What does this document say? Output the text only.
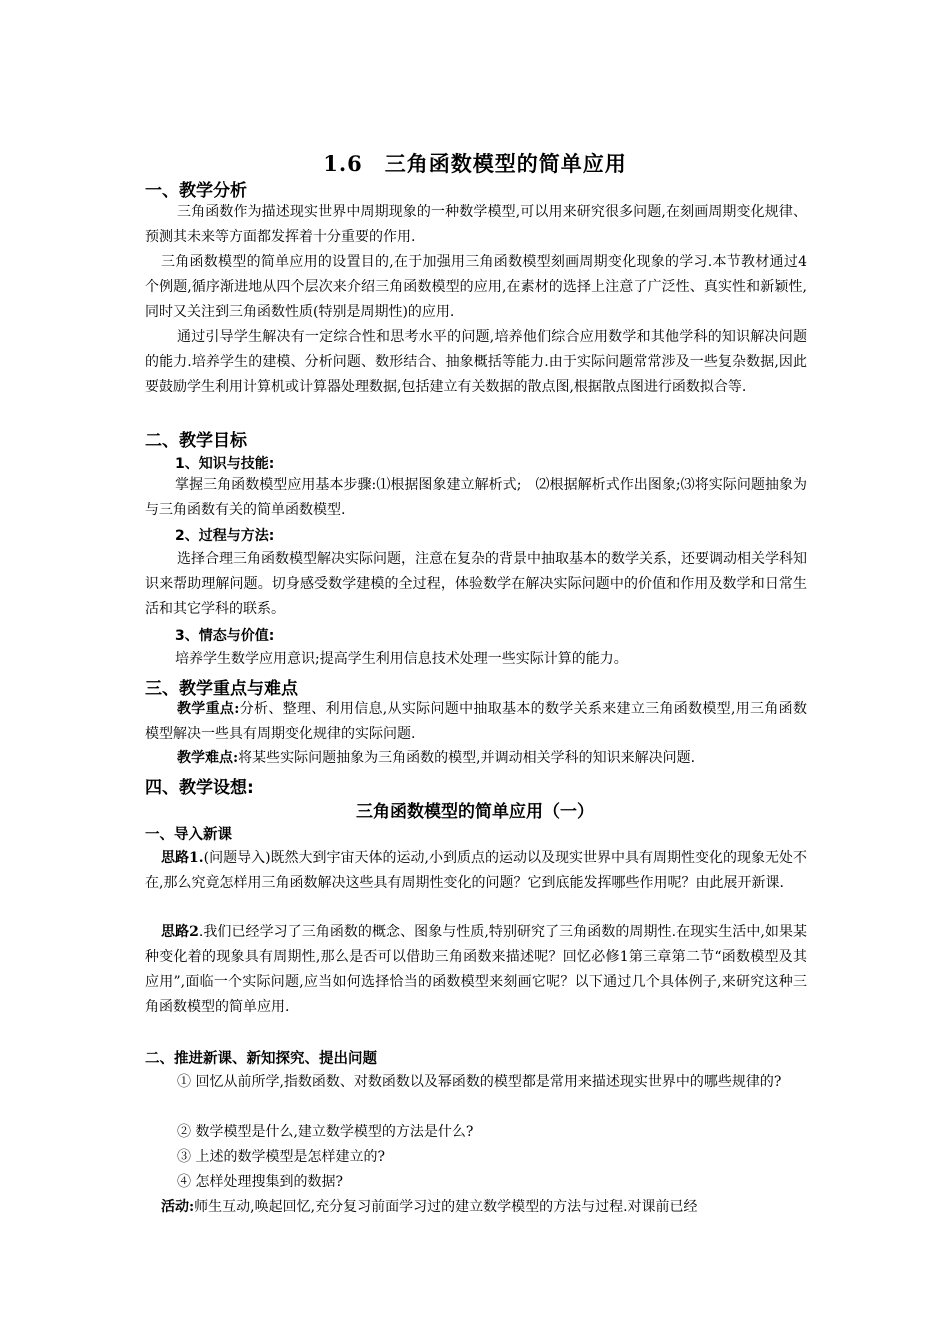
1.6　三角函数模型的简单应用
一、教学分析

三角函数作为描述现实世界中周期现象的一种数学模型,可以用来研究很多问题,在刻画周期变化规律、预测其未来等方面都发挥着十分重要的作用.

三角函数模型的简单应用的设置目的,在于加强用三角函数模型刻画周期变化现象的学习.本节教材通过4个例题,循序渐进地从四个层次来介绍三角函数模型的应用,在素材的选择上注意了广泛性、真实性和新颖性,同时又关注到三角函数性质(特别是周期性)的应用.

通过引导学生解决有一定综合性和思考水平的问题,培养他们综合应用数学和其他学科的知识解决问题的能力.培养学生的建模、分析问题、数形结合、抽象概括等能力.由于实际问题常常涉及一些复杂数据,因此要鼓励学生利用计算机或计算器处理数据,包括建立有关数据的散点图,根据散点图进行函数拟合等.

二、教学目标
1、知识与技能:

掌握三角函数模型应用基本步骤:⑴根据图象建立解析式;　⑵根据解析式作出图象;⑶将实际问题抽象为与三角函数有关的简单函数模型.

2、过程与方法:

选择合理三角函数模型解决实际问题，注意在复杂的背景中抽取基本的数学关系，还要调动相关学科知识来帮助理解问题。切身感受数学建模的全过程，体验数学在解决实际问题中的价值和作用及数学和日常生活和其它学科的联系。

3、情态与价值:

培养学生数学应用意识;提高学生利用信息技术处理一些实际计算的能力。

三、教学重点与难点

教学重点:分析、整理、利用信息,从实际问题中抽取基本的数学关系来建立三角函数模型,用三角函数模型解决一些具有周期变化规律的实际问题.

教学难点:将某些实际问题抽象为三角函数的模型,并调动相关学科的知识来解决问题.

四、教学设想:
三角函数模型的简单应用（一）
一、导入新课

思路1.(问题导入)既然大到宇宙天体的运动,小到质点的运动以及现实世界中具有周期性变化的现象无处不在,那么究竟怎样用三角函数解决这些具有周期性变化的问题？它到底能发挥哪些作用呢？由此展开新课.

思路2.我们已经学习了三角函数的概念、图象与性质,特别研究了三角函数的周期性.在现实生活中,如果某种变化着的现象具有周期性,那么是否可以借助三角函数来描述呢？回忆必修1第三章第二节“函数模型及其应用”,面临一个实际问题,应当如何选择恰当的函数模型来刻画它呢？以下通过几个具体例子,来研究这种三角函数模型的简单应用.

二、推进新课、新知探究、提出问题

① 回忆从前所学,指数函数、对数函数以及幂函数的模型都是常用来描述现实世界中的哪些规律的?

② 数学模型是什么,建立数学模型的方法是什么?

③ 上述的数学模型是怎样建立的?

④ 怎样处理搜集到的数据?

活动:师生互动,唤起回忆,充分复习前面学习过的建立数学模型的方法与过程.对课前已经
